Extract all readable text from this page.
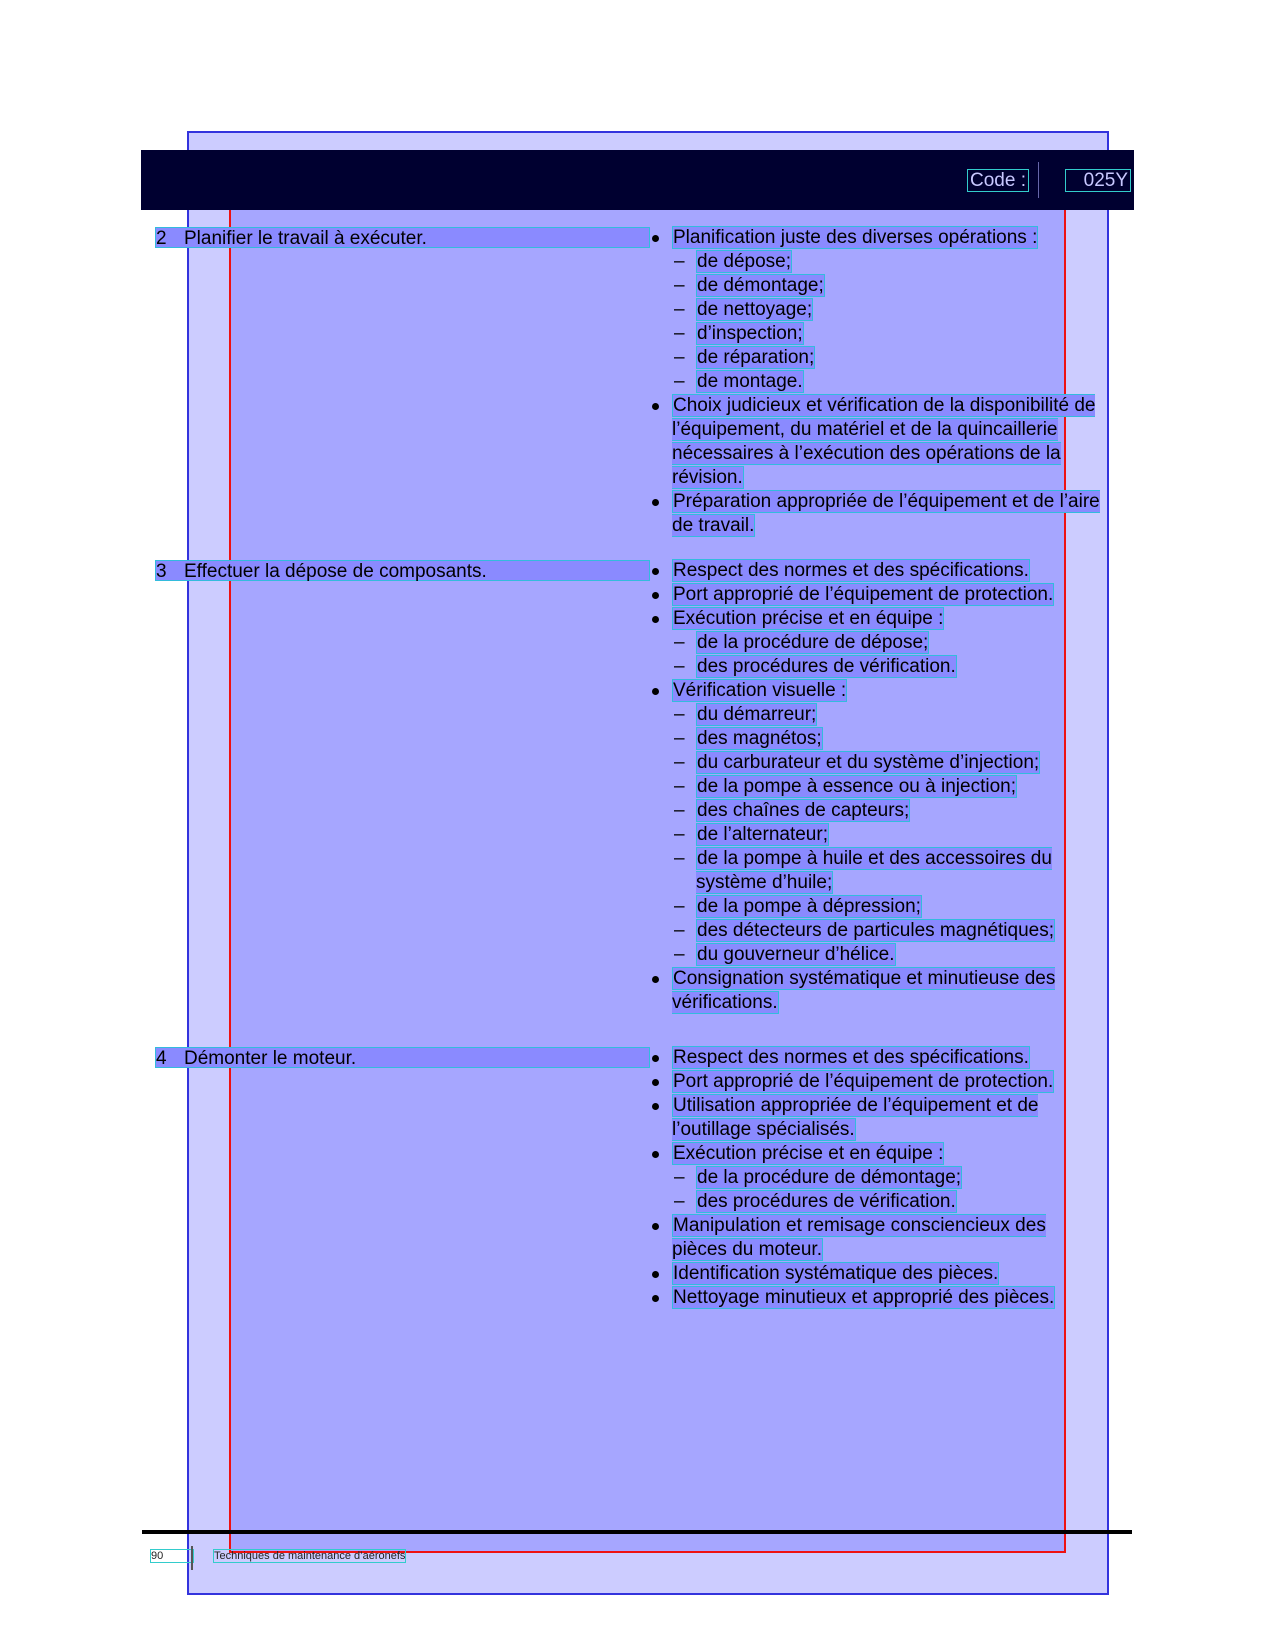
Code :	025Y
2 Planifier le travail à exécuter.	Planification juste des diverses opérations :
– de dépose;
– de démontage;
– de nettoyage;
– d’inspection;
– de réparation;
– de montage.
Choix judicieux et vérification de la disponibilité de l’équipement, du matériel et de la quincaillerie nécessaires à l’exécution des opérations de la révision.
Préparation appropriée de l’équipement et de l’aire de travail.
3 Effectuer la dépose de composants.	Respect des normes et des spécifications.
Port approprié de l’équipement de protection.
Exécution précise et en équipe :
– de la procédure de dépose;
– des procédures de vérification.
Vérification visuelle :
– du démarreur;
– des magnétos;
– du carburateur et du système d’injection;
– de la pompe à essence ou à injection;
– des chaînes de capteurs;
– de l’alternateur;
– de la pompe à huile et des accessoires du système d’huile;
– de la pompe à dépression;
– des détecteurs de particules magnétiques;
– du gouverneur d’hélice.
Consignation systématique et minutieuse des vérifications.
4 Démonter le moteur.	Respect des normes et des spécifications.
Port approprié de l’équipement de protection.
Utilisation appropriée de l’équipement et de l’outillage spécialisés.
Exécution précise et en équipe :
– de la procédure de démontage;
– des procédures de vérification.
Manipulation et remisage consciencieux des pièces du moteur.
Identification systématique des pièces.
Nettoyage minutieux et approprié des pièces.
90	Techniques de maintenance d’aéronefs
